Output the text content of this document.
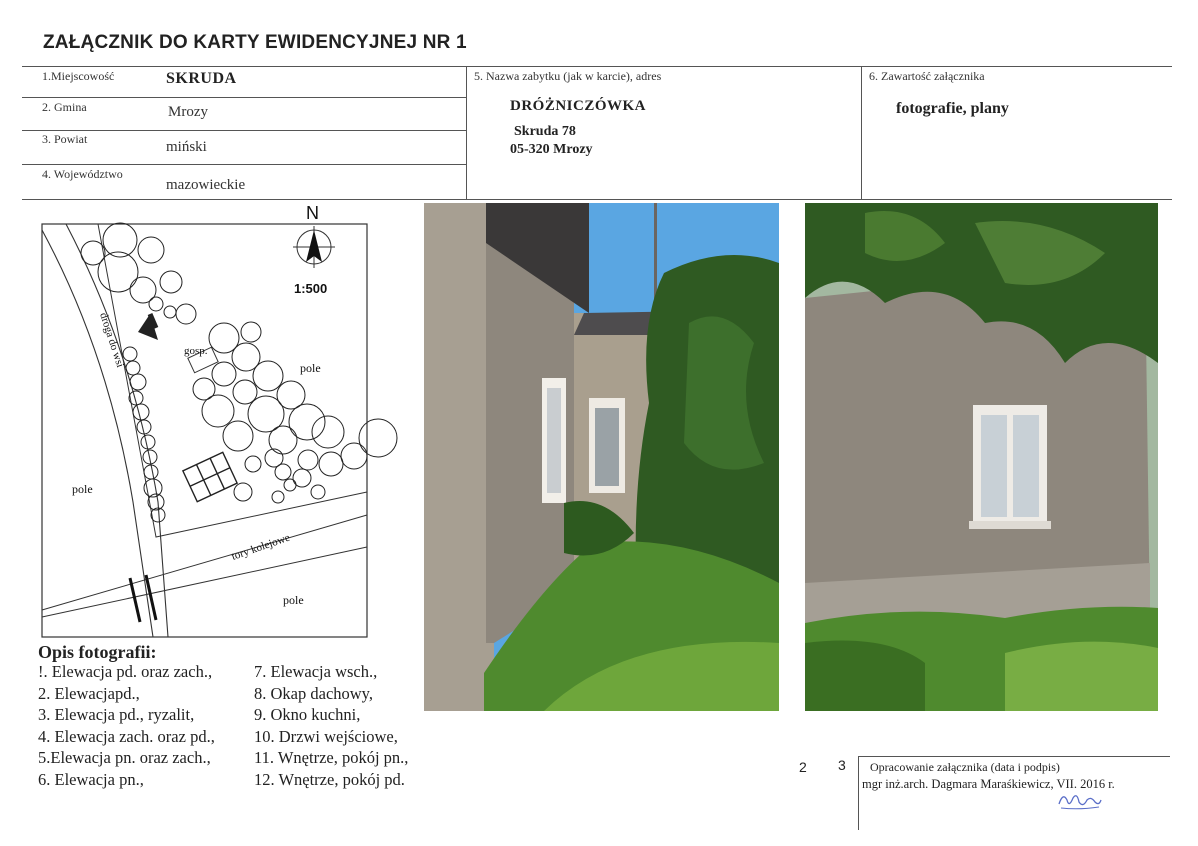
ZAŁĄCZNIK DO KARTY EWIDENCYJNEJ NR 1
1.Miejscowość	SKRUDA
2. Gmina	Mrozy
3. Powiat	miński
4. Województwo
mazowieckie
5. Nazwa zabytku (jak w karcie), adres
DRÓŻNICZÓWKA
Skruda 78
05-320 Mrozy
6. Zawartość załącznika
fotografie, plany
N
1:500
pole
pole
pole
gosp.
droga do wsi
tory kolejowe
Opis fotografii:
!. Elewacja pd. oraz zach.,
2. Elewacjapd.,
3. Elewacja pd., ryzalit,
4. Elewacja zach. oraz pd.,
5.Elewacja pn. oraz zach.,
6. Elewacja pn.,
7. Elewacja wsch.,
8. Okap dachowy,
9. Okno kuchni,
10. Drzwi wejściowe,
11. Wnętrze, pokój pn.,
12. Wnętrze, pokój pd.
2 3 Opracowanie załącznika (data i podpis)
mgr inż.arch. Dagmara Maraśkiewicz, VII. 2016 r.
